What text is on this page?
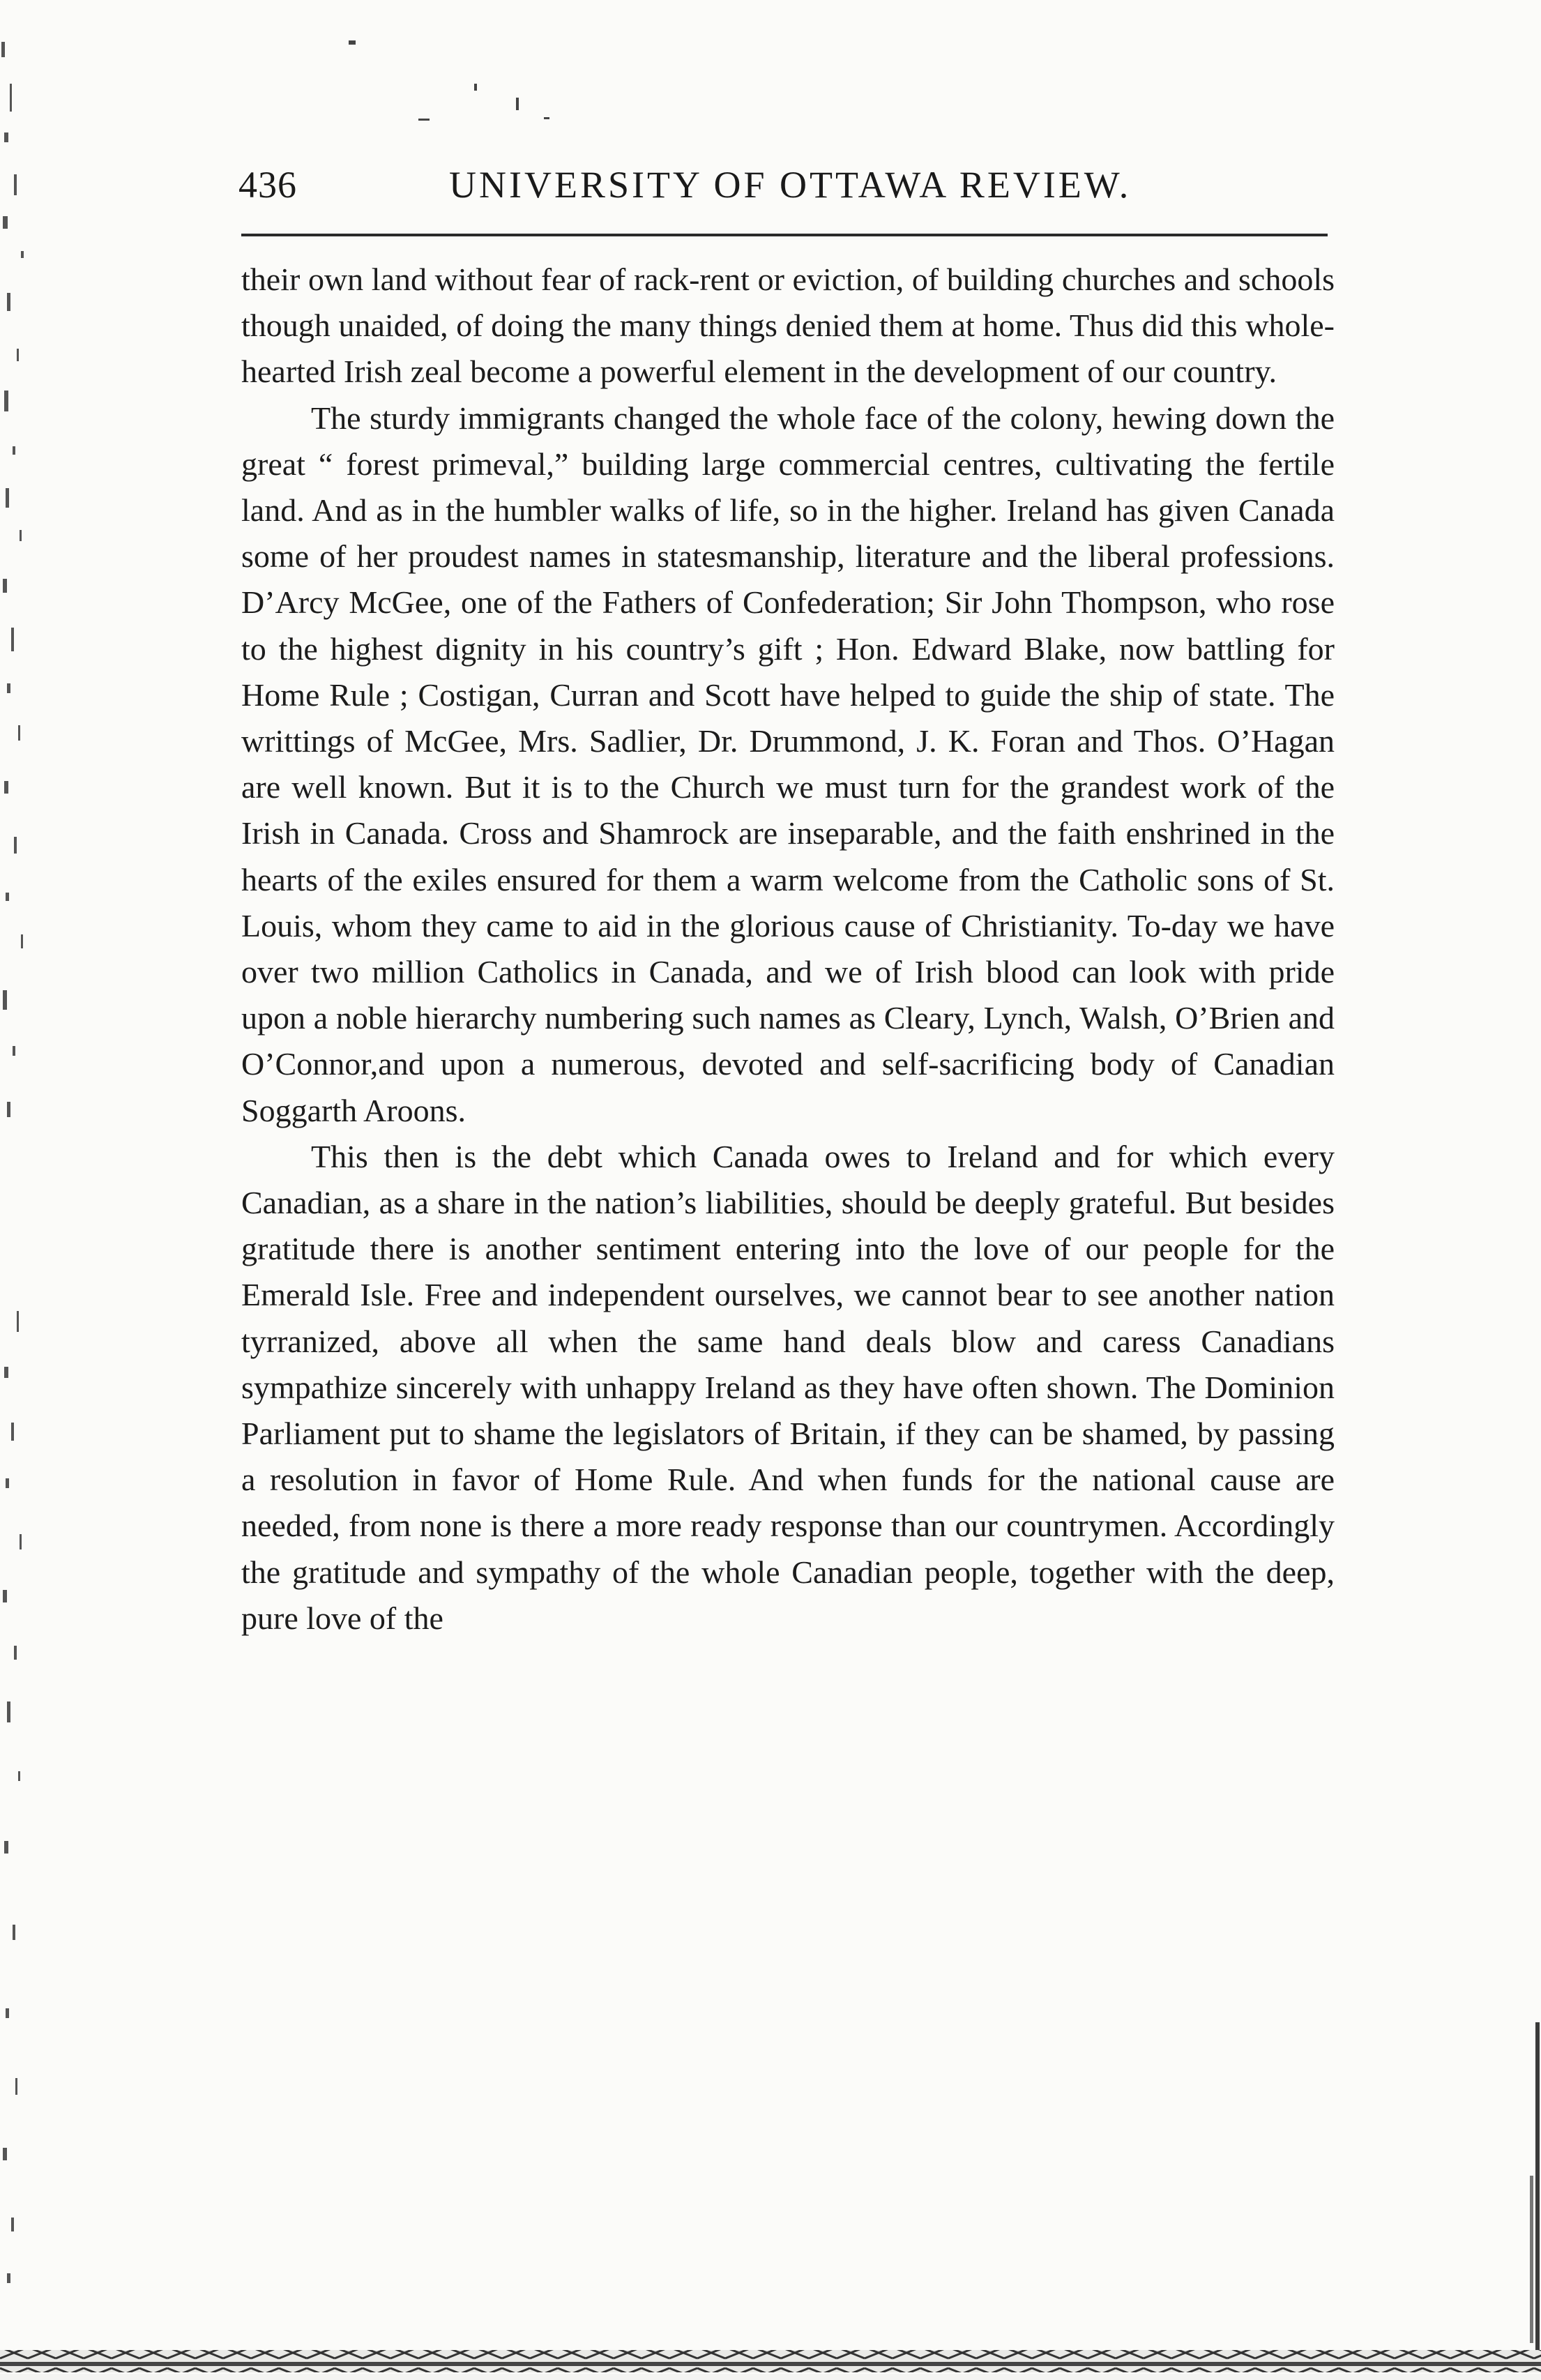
436	UNIVERSITY OF OTTAWA REVIEW.

their own land without fear of rack-rent or eviction, of building churches and schools though unaided, of doing the many things denied them at home. Thus did this whole-hearted Irish zeal become a powerful element in the development of our country.

The sturdy immigrants changed the whole face of the colony, hewing down the great “ forest primeval,” building large commercial centres, cultivating the fertile land. And as in the humbler walks of life, so in the higher. Ireland has given Canada some of her proudest names in statesmanship, literature and the liberal professions. D’Arcy McGee, one of the Fathers of Confederation; Sir John Thompson, who rose to the highest dignity in his country’s gift ; Hon. Edward Blake, now battling for Home Rule ; Costigan, Curran and Scott have helped to guide the ship of state. The writtings of McGee, Mrs. Sadlier, Dr. Drummond, J. K. Foran and Thos. O’Hagan are well known. But it is to the Church we must turn for the grandest work of the Irish in Canada. Cross and Shamrock are inseparable, and the faith enshrined in the hearts of the exiles ensured for them a warm welcome from the Catholic sons of St. Louis, whom they came to aid in the glorious cause of Christianity. To-day we have over two million Catholics in Canada, and we of Irish blood can look with pride upon a noble hierarchy numbering such names as Cleary, Lynch, Walsh, O’Brien and O’Connor,and upon a numerous, devoted and self-sacrificing body of Canadian Soggarth Aroons.

This then is the debt which Canada owes to Ireland and for which every Canadian, as a share in the nation’s liabilities, should be deeply grateful. But besides gratitude there is another sentiment entering into the love of our people for the Emerald Isle. Free and independent ourselves, we cannot bear to see another nation tyrranized, above all when the same hand deals blow and caress Canadians sympathize sincerely with unhappy Ireland as they have often shown. The Dominion Parliament put to shame the legislators of Britain, if they can be shamed, by passing a resolution in favor of Home Rule. And when funds for the national cause are needed, from none is there a more ready response than our countrymen. Accordingly the gratitude and sympathy of the whole Canadian people, together with the deep, pure love of the
